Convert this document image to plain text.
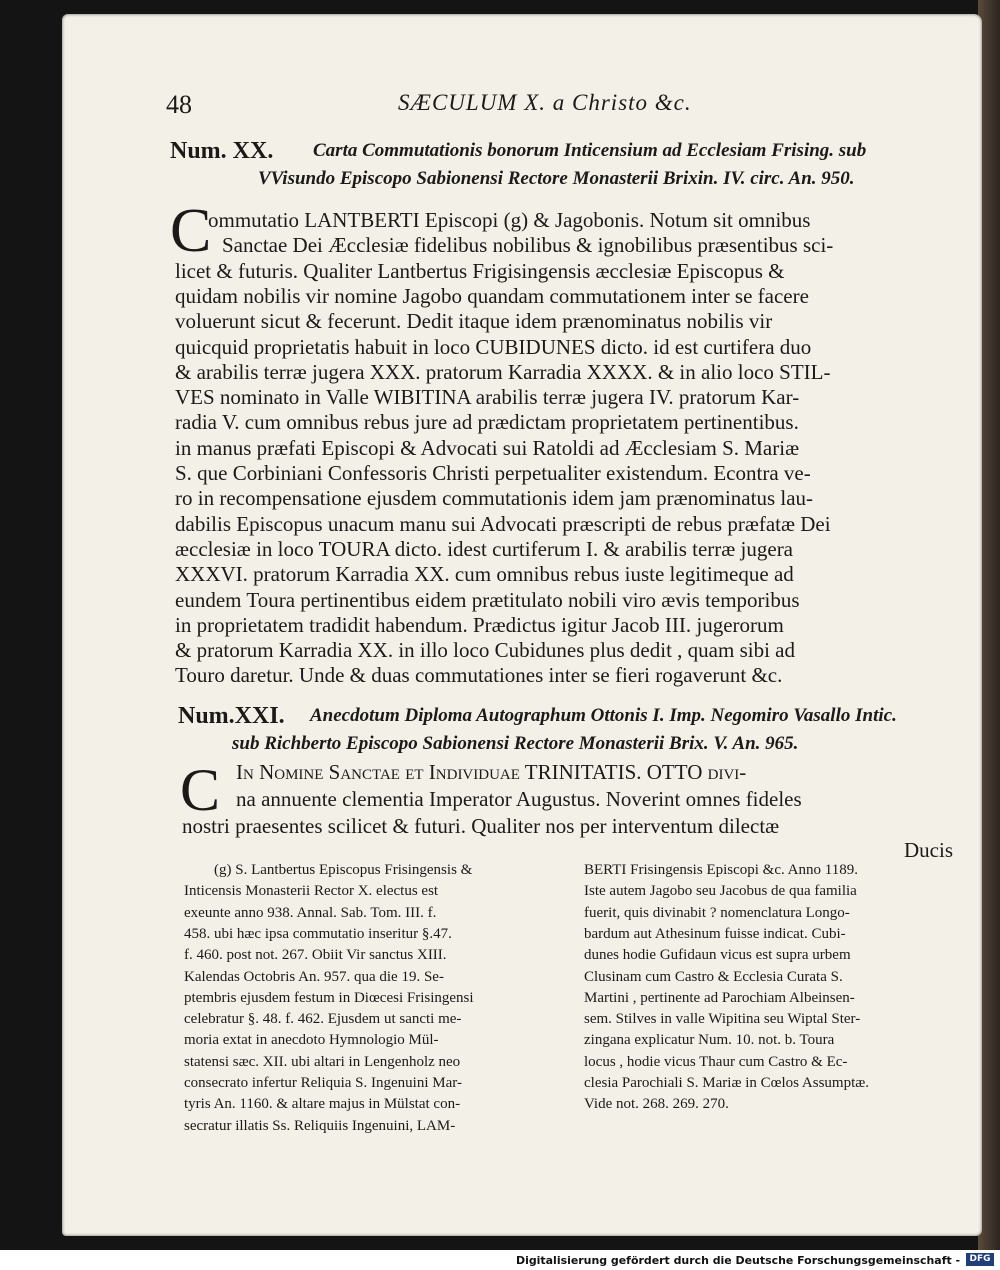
48	SÆCULUM X. a Christo &c.
Num. XX. Carta Commutationis bonorum Inticensium ad Ecclesiam Frising. sub
VVisundo Episcopo Sabionensi Rectore Monasterii Brixin. IV. circ. An. 950.
C
ommutatio LANTBERTI Episcopi (g) & Jagobonis. Notum sit omnibus
Sanctae Dei Æcclesiæ fidelibus nobilibus & ignobilibus præsentibus sci-
licet & futuris. Qualiter Lantbertus Frigisingensis æcclesiæ Episcopus &
quidam nobilis vir nomine Jagobo quandam commutationem inter se facere
voluerunt sicut & fecerunt. Dedit itaque idem prænominatus nobilis vir
quicquid proprietatis habuit in loco CUBIDUNES dicto. id est curtifera duo
& arabilis terræ jugera XXX. pratorum Karradia XXXX. & in alio loco STIL-
VES nominato in Valle WIBITINA arabilis terræ jugera IV. pratorum Kar-
radia V. cum omnibus rebus jure ad prædictam proprietatem pertinentibus.
in manus præfati Episcopi & Advocati sui Ratoldi ad Æcclesiam S. Mariæ
S. que Corbiniani Confessoris Christi perpetualiter existendum. Econtra ve-
ro in recompensatione ejusdem commutationis idem jam prænominatus lau-
dabilis Episcopus unacum manu sui Advocati præscripti de rebus præfatæ Dei
æcclesiæ in loco TOURA dicto. idest curtiferum I. & arabilis terræ jugera
XXXVI. pratorum Karradia XX. cum omnibus rebus iuste legitimeque ad
eundem Toura pertinentibus eidem prætitulato nobili viro ævis temporibus
in proprietatem tradidit habendum. Prædictus igitur Jacob III. jugerorum
& pratorum Karradia XX. in illo loco Cubidunes plus dedit , quam sibi ad
Touro daretur. Unde & duas commutationes inter se fieri rogaverunt &c.
Num.XXI. Anecdotum Diploma Autographum Ottonis I. Imp. Negomiro Vasallo Intic.
sub Richberto Episcopo Sabionensi Rectore Monasterii Brix. V. An. 965.
C In Nomine Sanctae et Individuae TRINITATIS. OTTO divi-
na annuente clementia Imperator Augustus. Noverint omnes fideles
nostri praesentes scilicet & futuri. Qualiter nos per interventum dilectæ
Ducis
(g) S. Lantbertus Episcopus Frisingensis &
Inticensis Monasterii Rector X. electus est
exeunte anno 938. Annal. Sab. Tom. III. f.
458. ubi hæc ipsa commutatio inseritur §.47.
f. 460. post not. 267. Obiit Vir sanctus XIII.
Kalendas Octobris An. 957. qua die 19. Se-
ptembris ejusdem festum in Diœcesi Frisingensi
celebratur §. 48. f. 462. Ejusdem ut sancti me-
moria extat in anecdoto Hymnologio Mül-
statensi sæc. XII. ubi altari in Lengenholz neo
consecrato infertur Reliquia S. Ingenuini Mar-
tyris An. 1160. & altare majus in Mülstat con-
secratur illatis Ss. Reliquiis Ingenuini, LAM-
BERTI Frisingensis Episcopi &c. Anno 1189.
Iste autem Jagobo seu Jacobus de qua familia
fuerit, quis divinabit ? nomenclatura Longo-
bardum aut Athesinum fuisse indicat. Cubi-
dunes hodie Gufidaun vicus est supra urbem
Clusinam cum Castro & Ecclesia Curata S.
Martini , pertinente ad Parochiam Albeinsen-
sem. Stilves in valle Wipitina seu Wiptal Ster-
zingana explicatur Num. 10. not. b. Toura
locus , hodie vicus Thaur cum Castro & Ec-
clesia Parochiali S. Mariæ in Cœlos Assumptæ.
Vide not. 268. 269. 270.
Digitalisierung gefördert durch die Deutsche Forschungsgemeinschaft -	DFG
